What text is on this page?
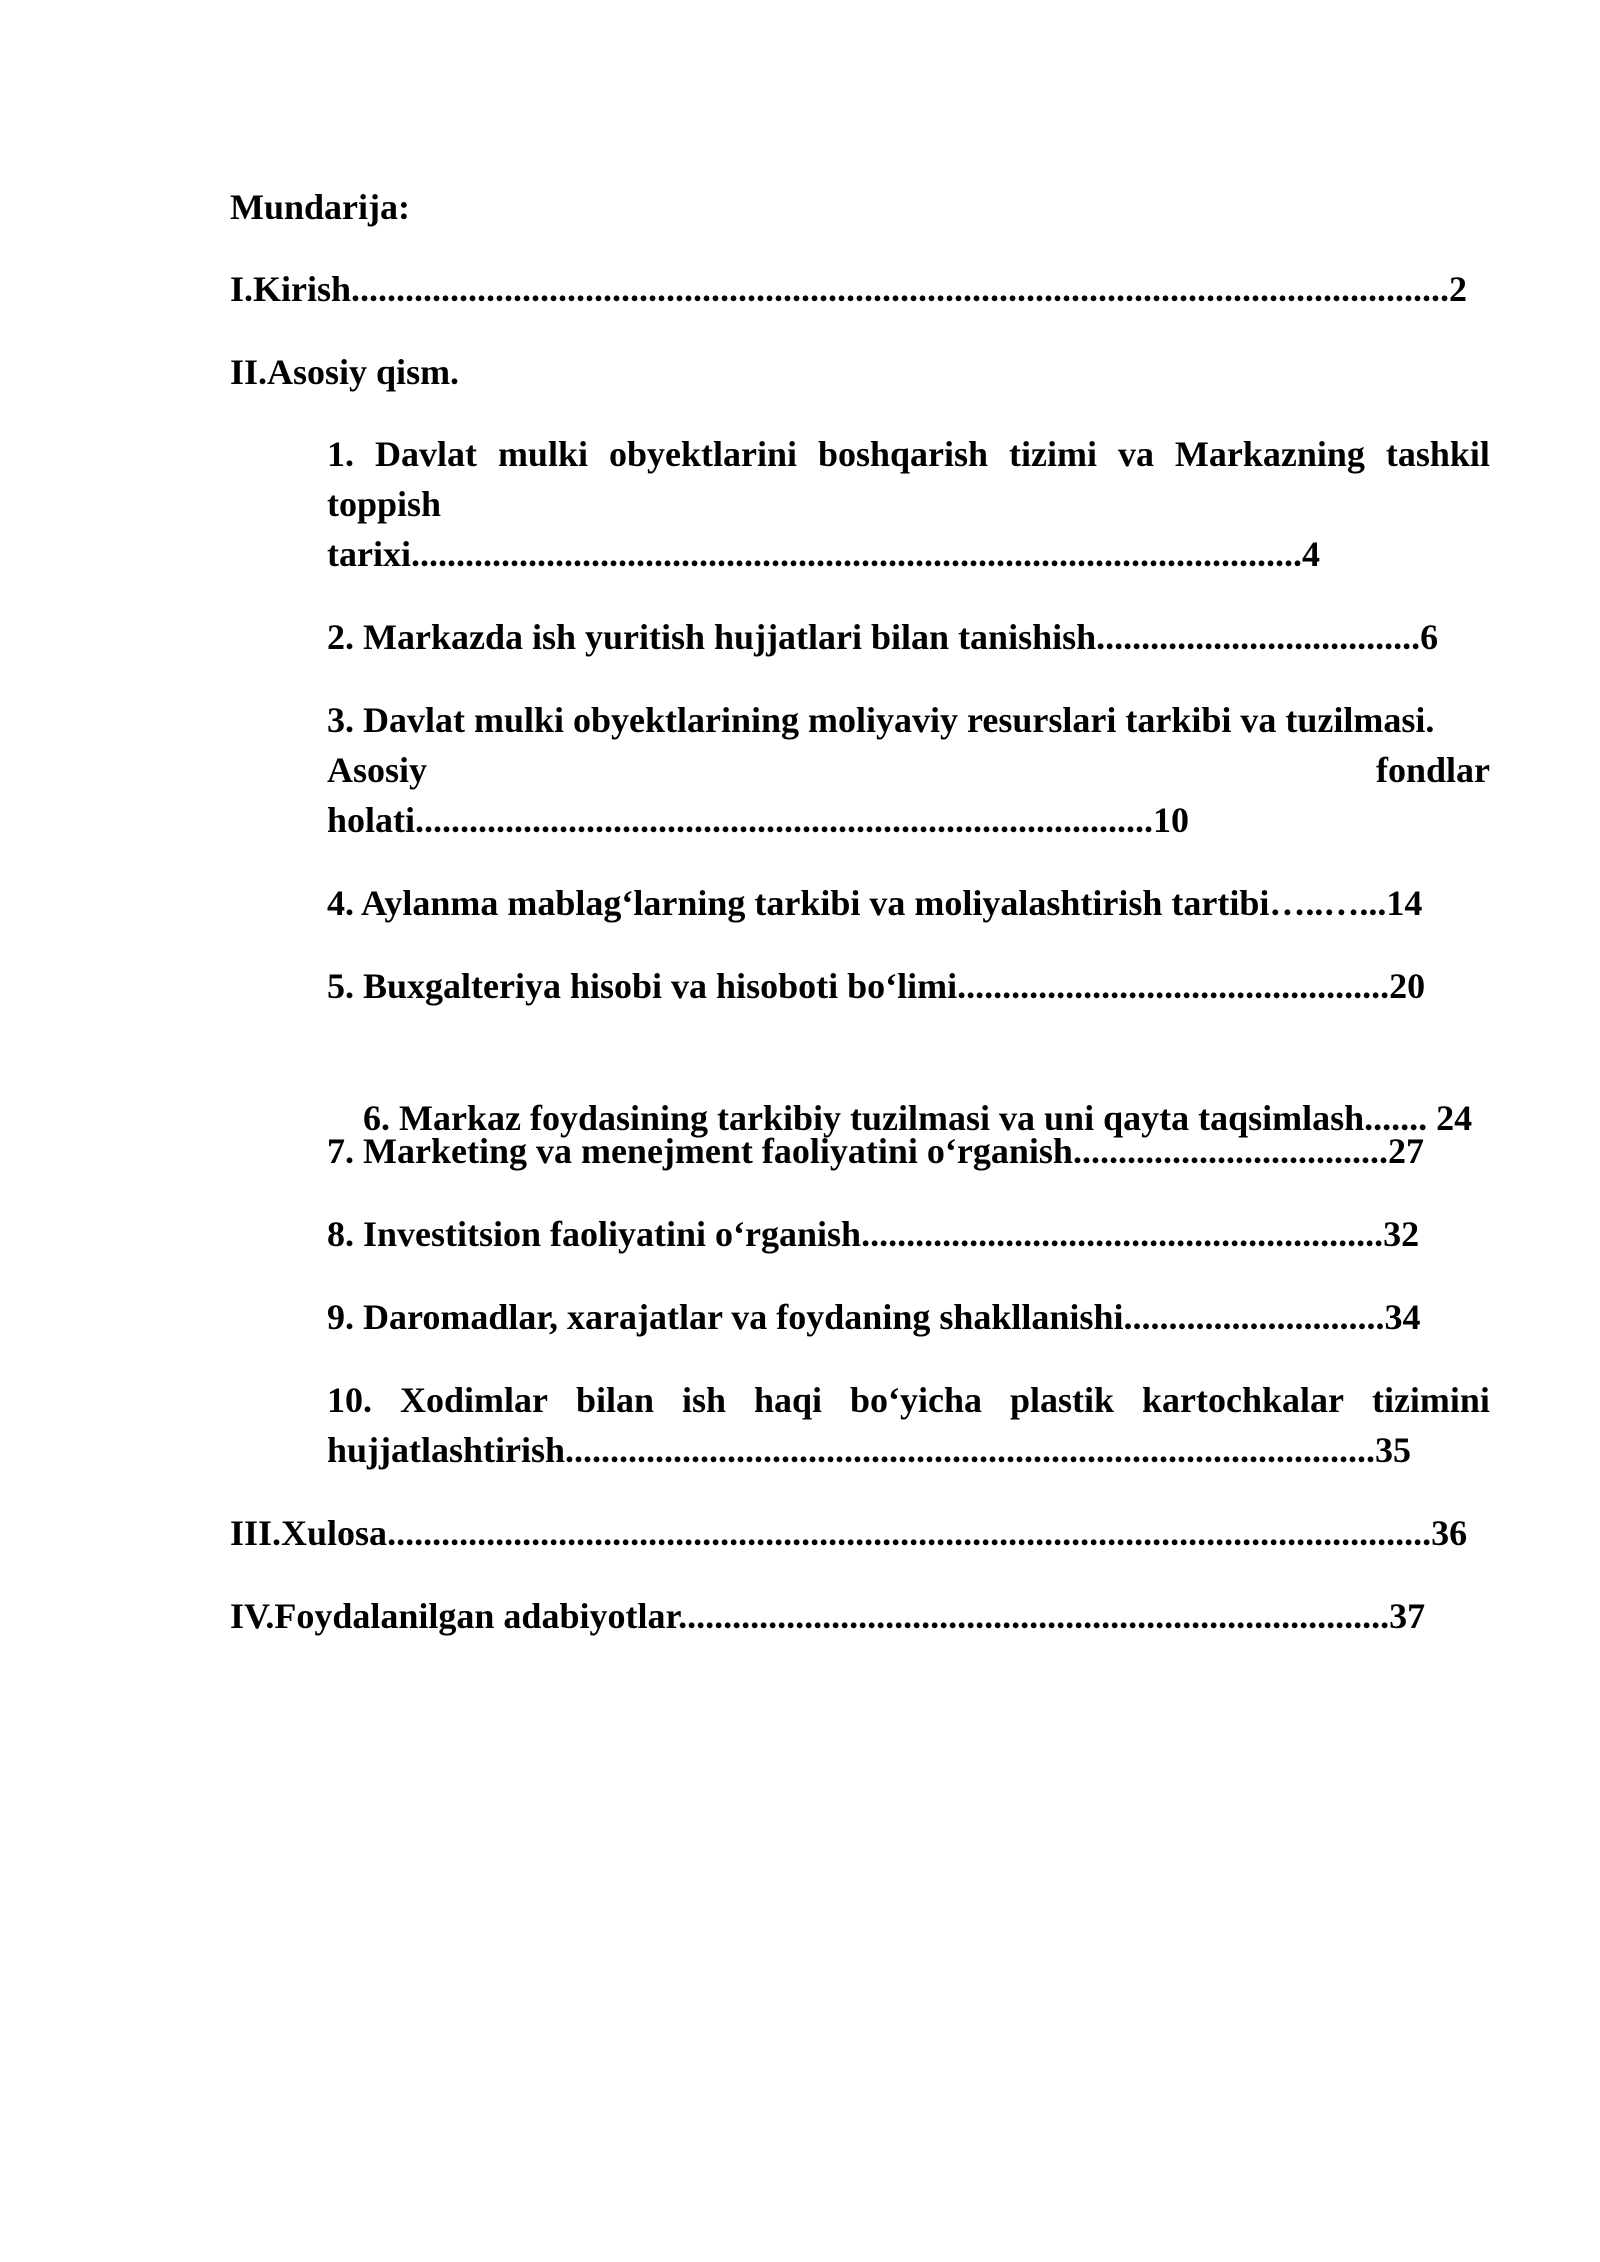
Mundarija:
I.Kirish..........................................................................................................................2
II.Asosiy qism.
1. Davlat mulki obyektlarini boshqarish tizimi va Markazning tashkil
toppish
tarixi...................................................................................................4
2. Markazda ish yuritish hujjatlari bilan tanishish....................................6
3. Davlat mulki obyektlarining moliyaviy resurslari tarkibi va tuzilmasi.
Asosiy	fondlar
holati..................................................................................10
4. Aylanma mablag‘larning tarkibi va moliyalashtirish tartibi…..…...14
5. Buxgalteriya hisobi va hisoboti bo‘limi................................................20

6. Markaz foydasining tarkibiy tuzilmasi va uni qayta taqsimlash....... 24

7. Marketing va menejment faoliyatini o‘rganish...................................27
8. Investitsion faoliyatini o‘rganish..........................................................32
9. Daromadlar, xarajatlar va foydaning shakllanishi.............................34
10. Xodimlar bilan ish haqi bo‘yicha plastik kartochkalar tizimini
hujjatlashtirish..........................................................................................35
III.Xulosa....................................................................................................................36
IV.Foydalanilgan adabiyotlar...............................................................................37
